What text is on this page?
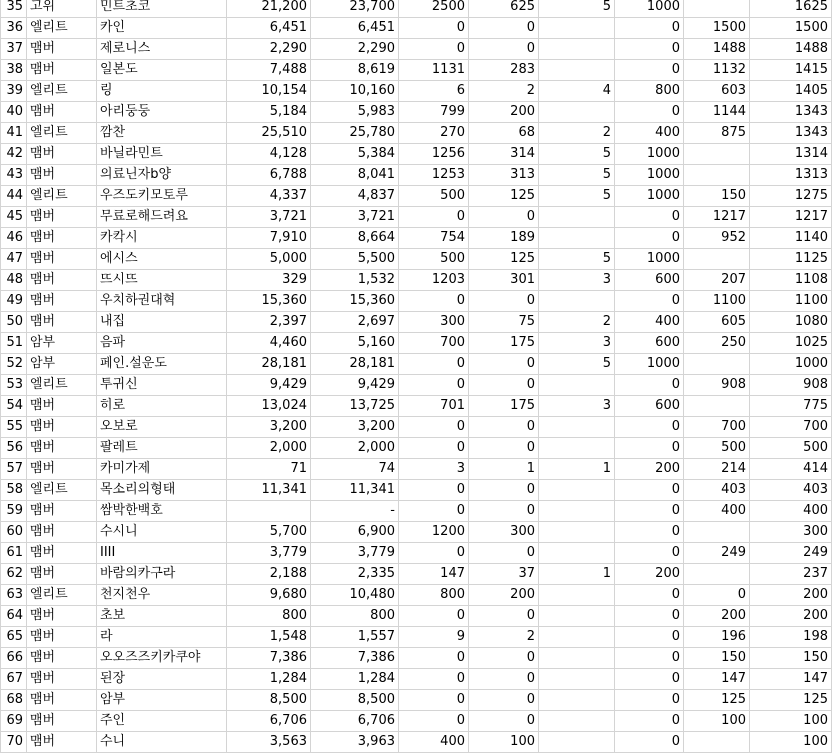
35	고위	민트초코	21,200	23,700	2500	625	5	1000		1625
36	엘리트	카인	6,451	6,451	0	0		0	1500	1500
37	맴버	제로니스	2,290	2,290	0	0		0	1488	1488
38	맴버	일본도	7,488	8,619	1131	283		0	1132	1415
39	엘리트	링	10,154	10,160	6	2	4	800	603	1405
40	맴버	아리둥둥	5,184	5,983	799	200		0	1144	1343
41	엘리트	깜찬	25,510	25,780	270	68	2	400	875	1343
42	맴버	바닐라민트	4,128	5,384	1256	314	5	1000		1314
43	맴버	의료닌자b양	6,788	8,041	1253	313	5	1000		1313
44	엘리트	우즈도키모토루	4,337	4,837	500	125	5	1000	150	1275
45	맴버	무료로해드려요	3,721	3,721	0	0		0	1217	1217
46	맴버	카칵시	7,910	8,664	754	189		0	952	1140
47	맴버	에시스	5,000	5,500	500	125	5	1000		1125
48	맴버	뜨시뜨	329	1,532	1203	301	3	600	207	1108
49	맴버	우치하권대혁	15,360	15,360	0	0		0	1100	1100
50	맴버	내집	2,397	2,697	300	75	2	400	605	1080
51	암부	음파	4,460	5,160	700	175	3	600	250	1025
52	암부	페인.설운도	28,181	28,181	0	0	5	1000		1000
53	엘리트	투귀신	9,429	9,429	0	0		0	908	908
54	맴버	히로	13,024	13,725	701	175	3	600		775
55	맴버	오보로	3,200	3,200	0	0		0	700	700
56	맴버	팔레트	2,000	2,000	0	0		0	500	500
57	맴버	카미가제	71	74	3	1	1	200	214	414
58	엘리트	목소리의형태	11,341	11,341	0	0		0	403	403
59	맴버	쌈박한백호		-	0	0		0	400	400
60	맴버	수시니	5,700	6,900	1200	300		0		300
61	맴버	IIII	3,779	3,779	0	0		0	249	249
62	맴버	바람의카구라	2,188	2,335	147	37	1	200		237
63	엘리트	천지천우	9,680	10,480	800	200		0	0	200
64	맴버	초보	800	800	0	0		0	200	200
65	맴버	라	1,548	1,557	9	2		0	196	198
66	맴버	오오즈즈키카쿠야	7,386	7,386	0	0		0	150	150
67	맴버	된장	1,284	1,284	0	0		0	147	147
68	맴버	암부	8,500	8,500	0	0		0	125	125
69	맴버	주인	6,706	6,706	0	0		0	100	100
70	맴버	수니	3,563	3,963	400	100		0		100
